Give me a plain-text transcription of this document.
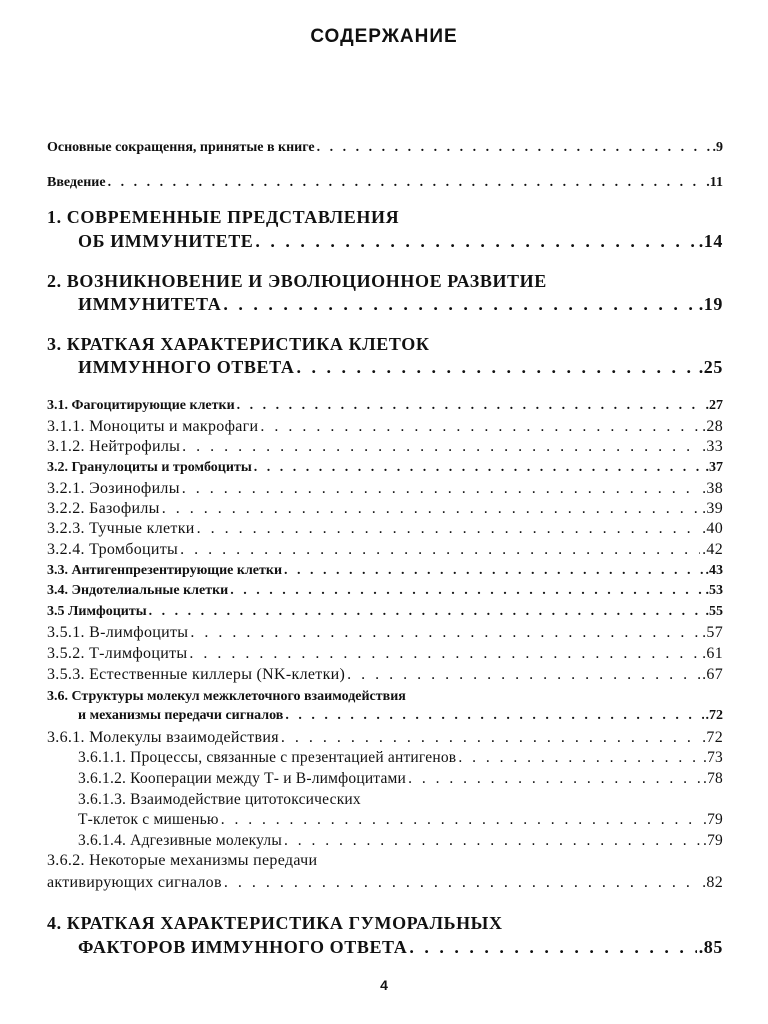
СОДЕРЖАНИЕ
Основные сокращення, принятые в книге . . .	.9
Введение . . .	.11
1. СОВРЕМЕННЫЕ ПРЕДСТАВЛЕНИЯ
ОБ ИММУНИТЕТЕ . . .	.14
2. ВОЗНИКНОВЕНИЕ И ЭВОЛЮЦИОННОЕ РАЗВИТИЕ
ИММУНИТЕТА . . .	.19
3. КРАТКАЯ ХАРАКТЕРИСТИКА КЛЕТОК
ИММУННОГО ОТВЕТА . . .	.25
3.1. Фагоцитирующие клетки . . .	.27
3.1.1. Моноциты и макрофаги . . .	.28
3.1.2. Нейтрофилы . . .	.33
3.2. Гранулоциты и тромбоциты . . .	.37
3.2.1. Эозинофилы . . .	.38
3.2.2. Базофилы . . .	.39
3.2.3. Тучные клетки . . .	.40
3.2.4. Тромбоциты . . .	.42
3.3. Антигенпрезентирующие клетки . . .	.43
3.4. Эндотелиальные клетки . . .	.53
3.5 Лимфоциты . . .	.55
3.5.1. В-лимфоциты . . .	.57
3.5.2. Т-лимфоциты . . .	.61
3.5.3. Естественные киллеры (NK-клетки) . . .	.67
3.6. Структуры молекул межклеточного взаимодействия
и механизмы передачи сигналов . . .	.72
3.6.1. Молекулы взаимодействия . . .	.72
3.6.1.1. Процессы, связанные с презентацией антигенов . . .	.73
3.6.1.2. Кооперации между Т- и В-лимфоцитами . . .	.78
3.6.1.3. Взаимодействие цитотоксических
Т-клеток с мишенью . . .	.79
3.6.1.4. Адгезивные молекулы . . .	.79
3.6.2. Некоторые механизмы передачи
активирующих сигналов . . .	.82
4. КРАТКАЯ ХАРАКТЕРИСТИКА ГУМОРАЛЬНЫХ
ФАКТОРОВ ИММУННОГО ОТВЕТА . . .	.85
4
